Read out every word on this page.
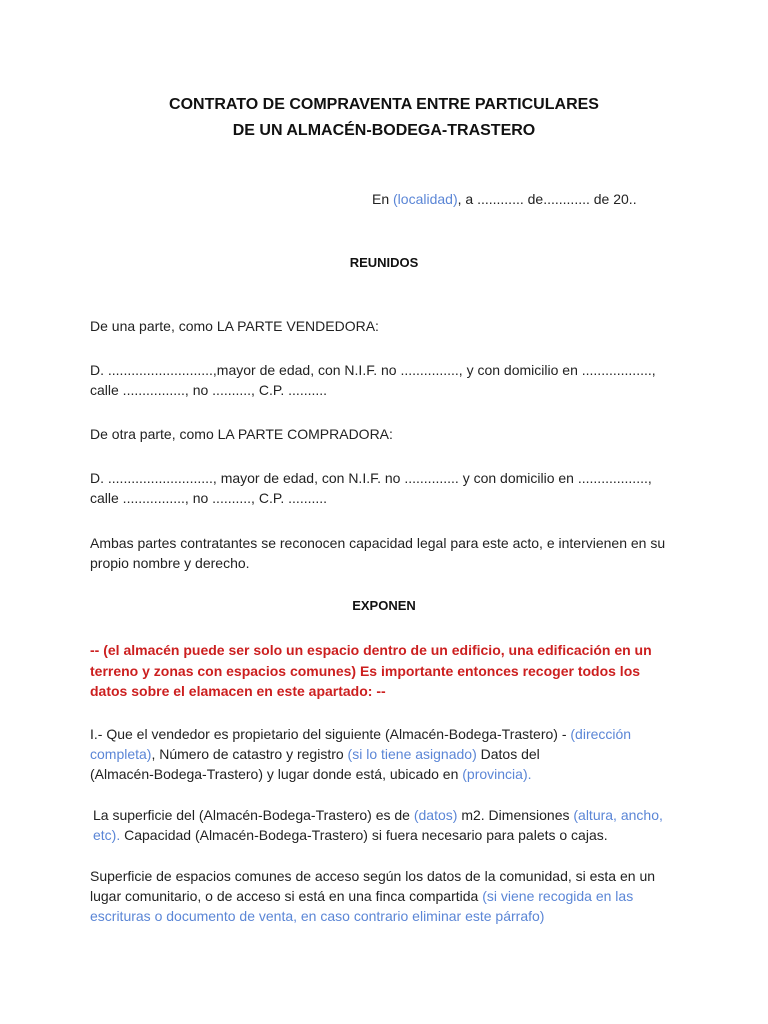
CONTRATO DE COMPRAVENTA ENTRE PARTICULARES
DE UN ALMACÉN-BODEGA-TRASTERO
En (localidad), a ............ de............ de 20..
REUNIDOS
De una parte, como LA PARTE VENDEDORA:
D. ...........................,mayor de edad, con N.I.F. no ..............., y con domicilio en ..................,
calle ................, no .........., C.P. ..........
De otra parte, como LA PARTE COMPRADORA:
D. ..........................., mayor de edad, con N.I.F. no .............. y con domicilio en ..................,
calle ................, no .........., C.P. ..........
Ambas partes contratantes se reconocen capacidad legal para este acto, e intervienen en su
propio nombre y derecho.
EXPONEN
-- (el almacén puede ser solo un espacio dentro de un edificio, una edificación en un
terreno y zonas con espacios comunes) Es importante entonces recoger todos los
datos sobre el elamacen en este apartado: --
I.- Que el vendedor es propietario del siguiente (Almacén-Bodega-Trastero) - (dirección
completa), Número de catastro y registro (si lo tiene asignado) Datos del
(Almacén-Bodega-Trastero) y lugar donde está, ubicado en (provincia).
La superficie del (Almacén-Bodega-Trastero) es de (datos) m2. Dimensiones (altura, ancho,
etc). Capacidad (Almacén-Bodega-Trastero) si fuera necesario para palets o cajas.
Superficie de espacios comunes de acceso según los datos de la comunidad, si esta en un
lugar comunitario, o de acceso si está en una finca compartida (si viene recogida en las
escrituras o documento de venta, en caso contrario eliminar este párrafo)
